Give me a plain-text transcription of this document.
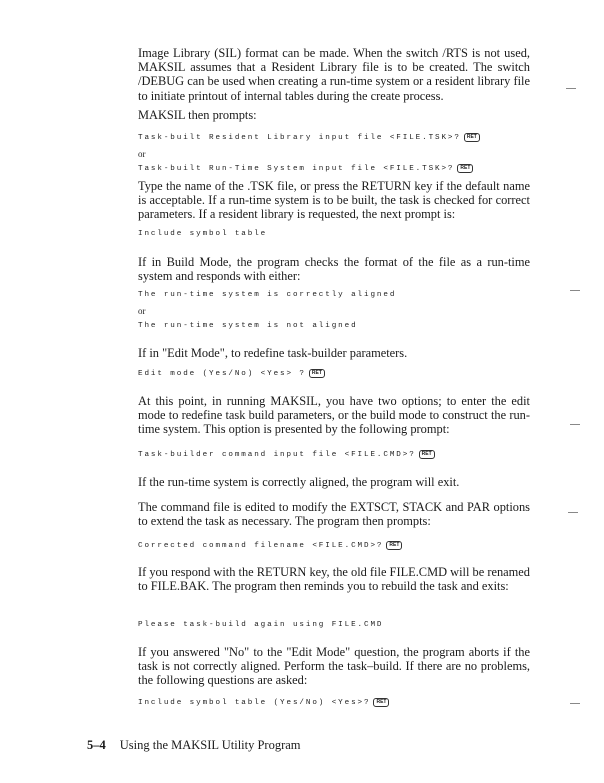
Image Library (SIL) format can be made. When the switch /RTS is not used, MAKSIL assumes that a Resident Library file is to be created. The switch /DEBUG can be used when creating a run-time system or a resident library file to initiate printout of internal tables during the create process.

MAKSIL then prompts:

Task-built Resident Library input file <FILE.TSK>? RET
or
Task-built Run-Time System input file <FILE.TSK>? RET

Type the name of the .TSK file, or press the RETURN key if the default name is acceptable. If a run-time system is to be built, the task is checked for correct parameters. If a resident library is requested, the next prompt is:

Include symbol table

If in Build Mode, the program checks the format of the file as a run-time system and responds with either:

The run-time system is correctly aligned
or
The run-time system is not aligned

If in "Edit Mode", to redefine task-builder parameters.

Edit mode (Yes/No) <Yes> ? RET

At this point, in running MAKSIL, you have two options; to enter the edit mode to redefine task build parameters, or the build mode to construct the run-time system. This option is presented by the following prompt:

Task-builder command input file <FILE.CMD>? RET

If the run-time system is correctly aligned, the program will exit.

The command file is edited to modify the EXTSCT, STACK and PAR options to extend the task as necessary. The program then prompts:

Corrected command filename <FILE.CMD>? RET

If you respond with the RETURN key, the old file FILE.CMD will be renamed to FILE.BAK. The program then reminds you to rebuild the task and exits:

Please task-build again using FILE.CMD

If you answered "No" to the "Edit Mode" question, the program aborts if the task is not correctly aligned. Perform the task–build. If there are no problems, the following questions are asked:

Include symbol table (Yes/No) <Yes>? RET
5–4 Using the MAKSIL Utility Program
